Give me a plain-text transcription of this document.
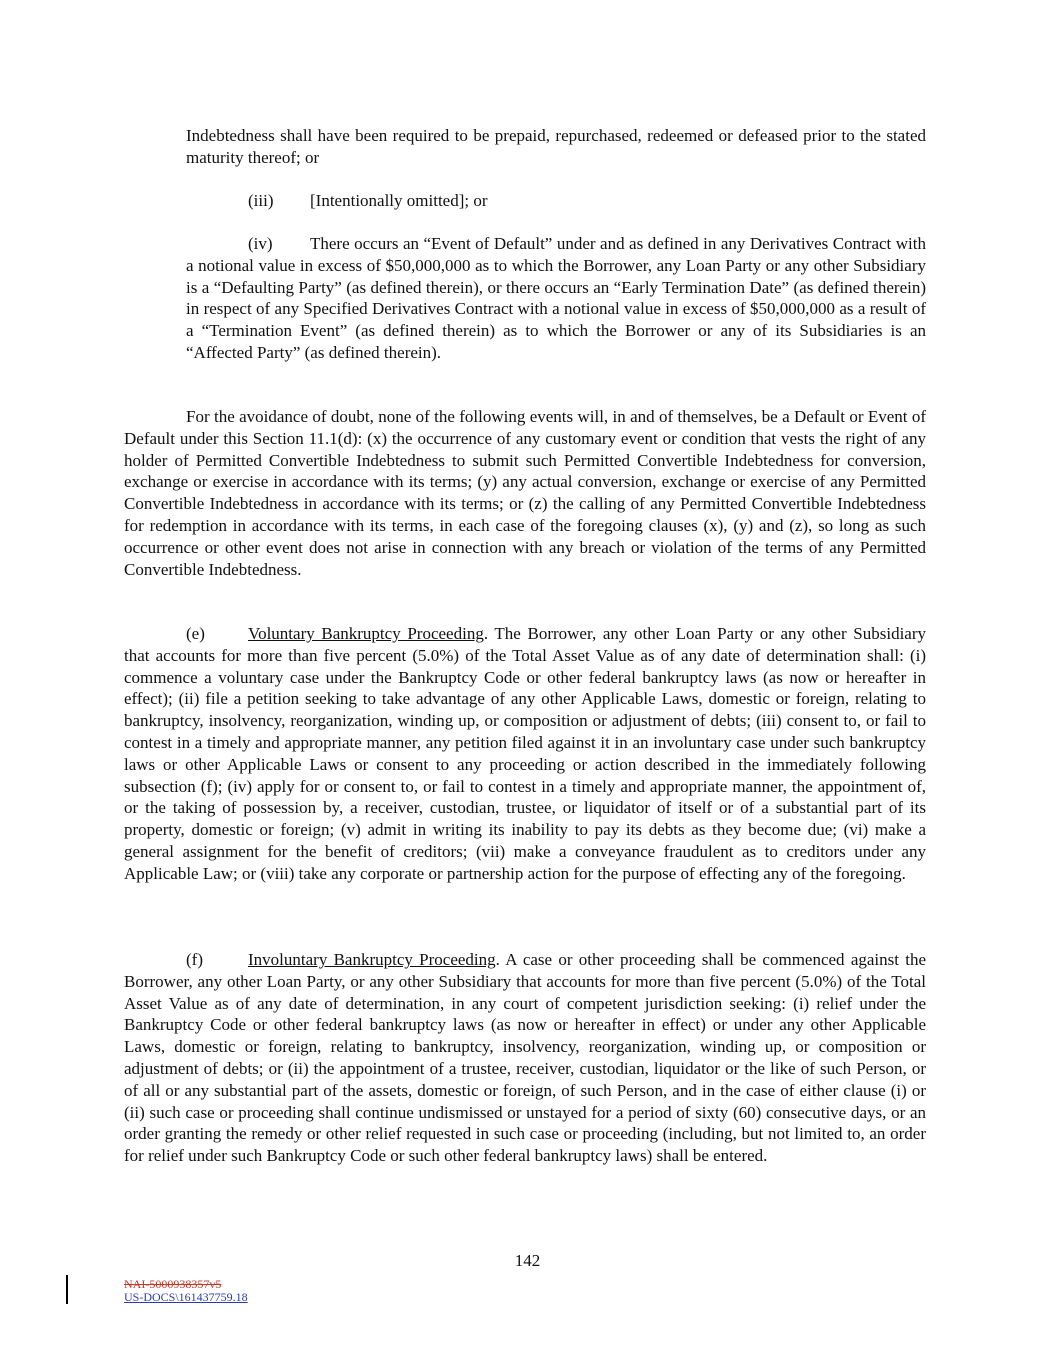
Indebtedness shall have been required to be prepaid, repurchased, redeemed or defeased prior to the stated maturity thereof; or

(iii) [Intentionally omitted]; or

(iv) There occurs an “Event of Default” under and as defined in any Derivatives Contract with a notional value in excess of $50,000,000 as to which the Borrower, any Loan Party or any other Subsidiary is a “Defaulting Party” (as defined therein), or there occurs an “Early Termination Date” (as defined therein) in respect of any Specified Derivatives Contract with a notional value in excess of $50,000,000 as a result of a “Termination Event” (as defined therein) as to which the Borrower or any of its Subsidiaries is an “Affected Party” (as defined therein).

For the avoidance of doubt, none of the following events will, in and of themselves, be a Default or Event of Default under this Section 11.1(d): (x) the occurrence of any customary event or condition that vests the right of any holder of Permitted Convertible Indebtedness to submit such Permitted Convertible Indebtedness for conversion, exchange or exercise in accordance with its terms; (y) any actual conversion, exchange or exercise of any Permitted Convertible Indebtedness in accordance with its terms; or (z) the calling of any Permitted Convertible Indebtedness for redemption in accordance with its terms, in each case of the foregoing clauses (x), (y) and (z), so long as such occurrence or other event does not arise in connection with any breach or violation of the terms of any Permitted Convertible Indebtedness.

(e)	Voluntary Bankruptcy Proceeding. The Borrower, any other Loan Party or any other Subsidiary that accounts for more than five percent (5.0%) of the Total Asset Value as of any date of determination shall: (i) commence a voluntary case under the Bankruptcy Code or other federal bankruptcy laws (as now or hereafter in effect); (ii) file a petition seeking to take advantage of any other Applicable Laws, domestic or foreign, relating to bankruptcy, insolvency, reorganization, winding up, or composition or adjustment of debts; (iii) consent to, or fail to contest in a timely and appropriate manner, any petition filed against it in an involuntary case under such bankruptcy laws or other Applicable Laws or consent to any proceeding or action described in the immediately following subsection (f); (iv) apply for or consent to, or fail to contest in a timely and appropriate manner, the appointment of, or the taking of possession by, a receiver, custodian, trustee, or liquidator of itself or of a substantial part of its property, domestic or foreign; (v) admit in writing its inability to pay its debts as they become due; (vi) make a general assignment for the benefit of creditors; (vii) make a conveyance fraudulent as to creditors under any Applicable Law; or (viii) take any corporate or partnership action for the purpose of effecting any of the foregoing.

(f)	Involuntary Bankruptcy Proceeding. A case or other proceeding shall be commenced against the Borrower, any other Loan Party, or any other Subsidiary that accounts for more than five percent (5.0%) of the Total Asset Value as of any date of determination, in any court of competent jurisdiction seeking: (i) relief under the Bankruptcy Code or other federal bankruptcy laws (as now or hereafter in effect) or under any other Applicable Laws, domestic or foreign, relating to bankruptcy, insolvency, reorganization, winding up, or composition or adjustment of debts; or (ii) the appointment of a trustee, receiver, custodian, liquidator or the like of such Person, or of all or any substantial part of the assets, domestic or foreign, of such Person, and in the case of either clause (i) or (ii) such case or proceeding shall continue undismissed or unstayed for a period of sixty (60) consecutive days, or an order granting the remedy or other relief requested in such case or proceeding (including, but not limited to, an order for relief under such Bankruptcy Code or such other federal bankruptcy laws) shall be entered.

142
NAI-5000938357v5
US-DOCS\161437759.18
